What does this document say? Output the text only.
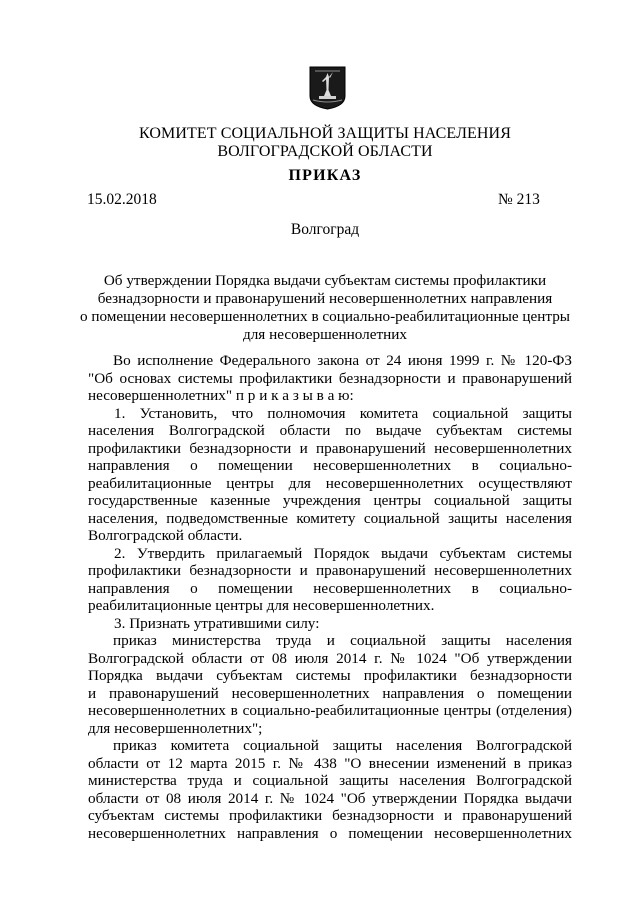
КОМИТЕТ СОЦИАЛЬНОЙ ЗАЩИТЫ НАСЕЛЕНИЯ
ВОЛГОГРАДСКОЙ ОБЛАСТИ
ПРИКАЗ
15.02.2018	№ 213
Волгоград
Об утверждении Порядка выдачи субъектам системы профилактики
безнадзорности и правонарушений несовершеннолетних направления
о помещении несовершеннолетних в социально-реабилитационные центры
для несовершеннолетних

Во исполнение Федерального закона от 24 июня 1999 г. № 120-ФЗ

"Об основах системы профилактики безнадзорности и правонарушений

несовершеннолетних" п р и к а з ы в а ю:

1. Установить, что полномочия комитета социальной защиты

населения Волгоградской области по выдаче субъектам системы

профилактики безнадзорности и правонарушений несовершеннолетних

направления о помещении несовершеннолетних в социально-

реабилитационные центры для несовершеннолетних осуществляют

государственные казенные учреждения центры социальной защиты

населения, подведомственные комитету социальной защиты населения

Волгоградской области.

2. Утвердить прилагаемый Порядок выдачи субъектам системы

профилактики безнадзорности и правонарушений несовершеннолетних

направления о помещении несовершеннолетних в социально-

реабилитационные центры для несовершеннолетних.

3. Признать утратившими силу:

приказ министерства труда и социальной защиты населения

Волгоградской области от 08 июля 2014 г. № 1024 "Об утверждении

Порядка выдачи субъектам системы профилактики безнадзорности

и правонарушений несовершеннолетних направления о помещении

несовершеннолетних в социально-реабилитационные центры (отделения)

для несовершеннолетних";

приказ комитета социальной защиты населения Волгоградской

области от 12 марта 2015 г. № 438 "О внесении изменений в приказ

министерства труда и социальной защиты населения Волгоградской

области от 08 июля 2014 г. № 1024 "Об утверждении Порядка выдачи

субъектам системы профилактики безнадзорности и правонарушений

несовершеннолетних направления о помещении несовершеннолетних
